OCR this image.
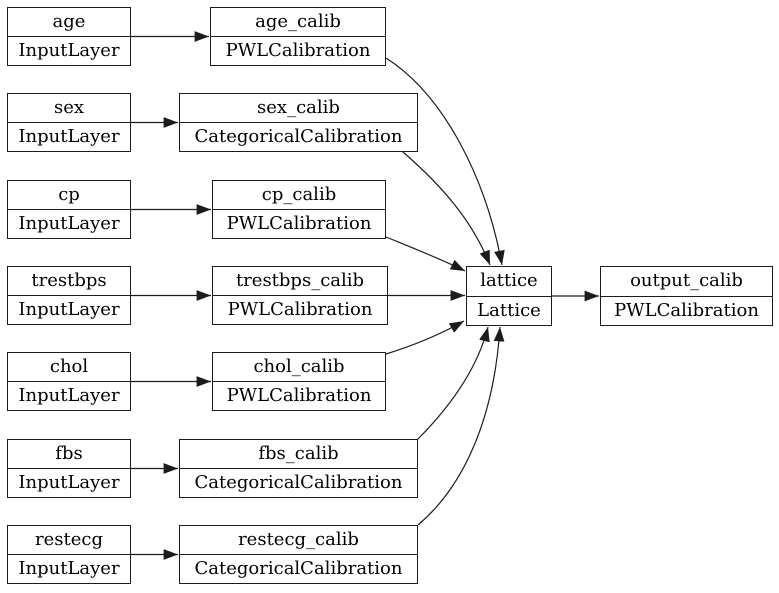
age
InputLayer
sex
InputLayer
cp
InputLayer
trestbps
InputLayer
chol
InputLayer
fbs
InputLayer
restecg
InputLayer
age_calib
PWLCalibration
sex_calib
CategoricalCalibration
cp_calib
PWLCalibration
trestbps_calib
PWLCalibration
chol_calib
PWLCalibration
fbs_calib
CategoricalCalibration
restecg_calib
CategoricalCalibration
lattice
Lattice
output_calib
PWLCalibration
